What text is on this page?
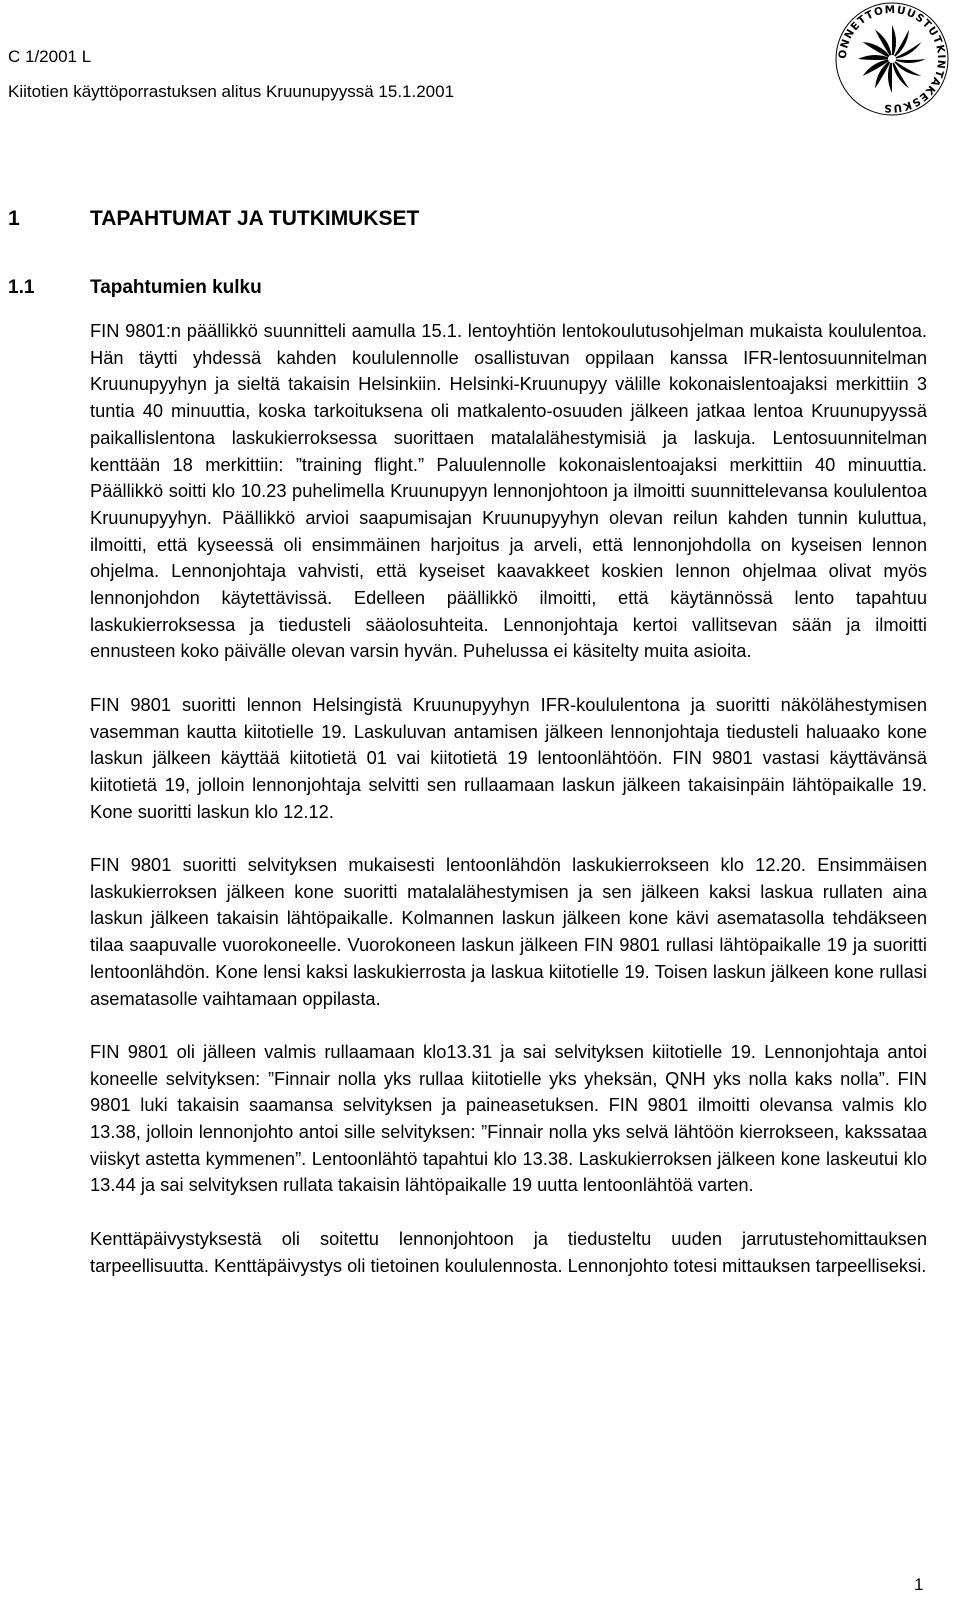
C 1/2001 L
Kiitotien käyttöporrastuksen alitus Kruunupyyssä 15.1.2001
ONNETTOMUUSTUTKINTAKESKUS
1	TAPAHTUMAT JA TUTKIMUKSET
1.1	Tapahtumien kulku

FIN 9801:n päällikkö suunnitteli aamulla 15.1. lentoyhtiön lentokoulutusohjelman mukaista koululentoa. Hän täytti yhdessä kahden koululennolle osallistuvan oppilaan kanssa IFR-lentosuunnitelman Kruunupyyhyn ja sieltä takaisin Helsinkiin. Helsinki-Kruunupyy välille kokonaislentoajaksi merkittiin 3 tuntia 40 minuuttia, koska tarkoituksena oli matkalento-osuuden jälkeen jatkaa lentoa Kruunupyyssä paikallislentona laskukierroksessa suorittaen matalalähestymisiä ja laskuja. Lentosuunnitelman kenttään 18 merkittiin: ”training flight.” Paluulennolle kokonaislentoajaksi merkittiin 40 minuuttia. Päällikkö soitti klo 10.23 puhelimella Kruunupyyn lennonjohtoon ja ilmoitti suunnittelevansa koululentoa Kruunupyyhyn. Päällikkö arvioi saapumisajan Kruunupyyhyn olevan reilun kahden tunnin kuluttua, ilmoitti, että kyseessä oli ensimmäinen harjoitus ja arveli, että lennonjohdolla on kyseisen lennon ohjelma. Lennonjohtaja vahvisti, että kyseiset kaavakkeet koskien lennon ohjelmaa olivat myös lennonjohdon käytettävissä. Edelleen päällikkö ilmoitti, että käytännössä lento tapahtuu laskukierroksessa ja tiedusteli sääolosuhteita. Lennonjohtaja kertoi vallitsevan sään ja ilmoitti ennusteen koko päivälle olevan varsin hyvän. Puhelussa ei käsitelty muita asioita.

FIN 9801 suoritti lennon Helsingistä Kruunupyyhyn IFR-koululentona ja suoritti näkölähestymisen vasemman kautta kiitotielle 19. Laskuluvan antamisen jälkeen lennonjohtaja tiedusteli haluaako kone laskun jälkeen käyttää kiitotietä 01 vai kiitotietä 19 lentoonlähtöön. FIN 9801 vastasi käyttävänsä kiitotietä 19, jolloin lennonjohtaja selvitti sen rullaamaan laskun jälkeen takaisinpäin lähtöpaikalle 19. Kone suoritti laskun klo 12.12.

FIN 9801 suoritti selvityksen mukaisesti lentoonlähdön laskukierrokseen klo 12.20. Ensimmäisen laskukierroksen jälkeen kone suoritti matalalähestymisen ja sen jälkeen kaksi laskua rullaten aina laskun jälkeen takaisin lähtöpaikalle. Kolmannen laskun jälkeen kone kävi asematasolla tehdäkseen tilaa saapuvalle vuorokoneelle. Vuorokoneen laskun jälkeen FIN 9801 rullasi lähtöpaikalle 19 ja suoritti lentoonlähdön. Kone lensi kaksi laskukierrosta ja laskua kiitotielle 19. Toisen laskun jälkeen kone rullasi asematasolle vaihtamaan oppilasta.

FIN 9801 oli jälleen valmis rullaamaan klo13.31 ja sai selvityksen kiitotielle 19. Lennonjohtaja antoi koneelle selvityksen: ”Finnair nolla yks rullaa kiitotielle yks yheksän, QNH yks nolla kaks nolla”. FIN 9801 luki takaisin saamansa selvityksen ja paineasetuksen. FIN 9801 ilmoitti olevansa valmis klo 13.38, jolloin lennonjohto antoi sille selvityksen: ”Finnair nolla yks selvä lähtöön kierrokseen, kakssataa viiskyt astetta kymmenen”. Lentoonlähtö tapahtui klo 13.38. Laskukierroksen jälkeen kone laskeutui klo 13.44 ja sai selvityksen rullata takaisin lähtöpaikalle 19 uutta lentoonlähtöä varten.

Kenttäpäivystyksestä oli soitettu lennonjohtoon ja tiedusteltu uuden jarrutustehomittauksen tarpeellisuutta. Kenttäpäivystys oli tietoinen koululennosta. Lennonjohto totesi mittauksen tarpeelliseksi.

1
